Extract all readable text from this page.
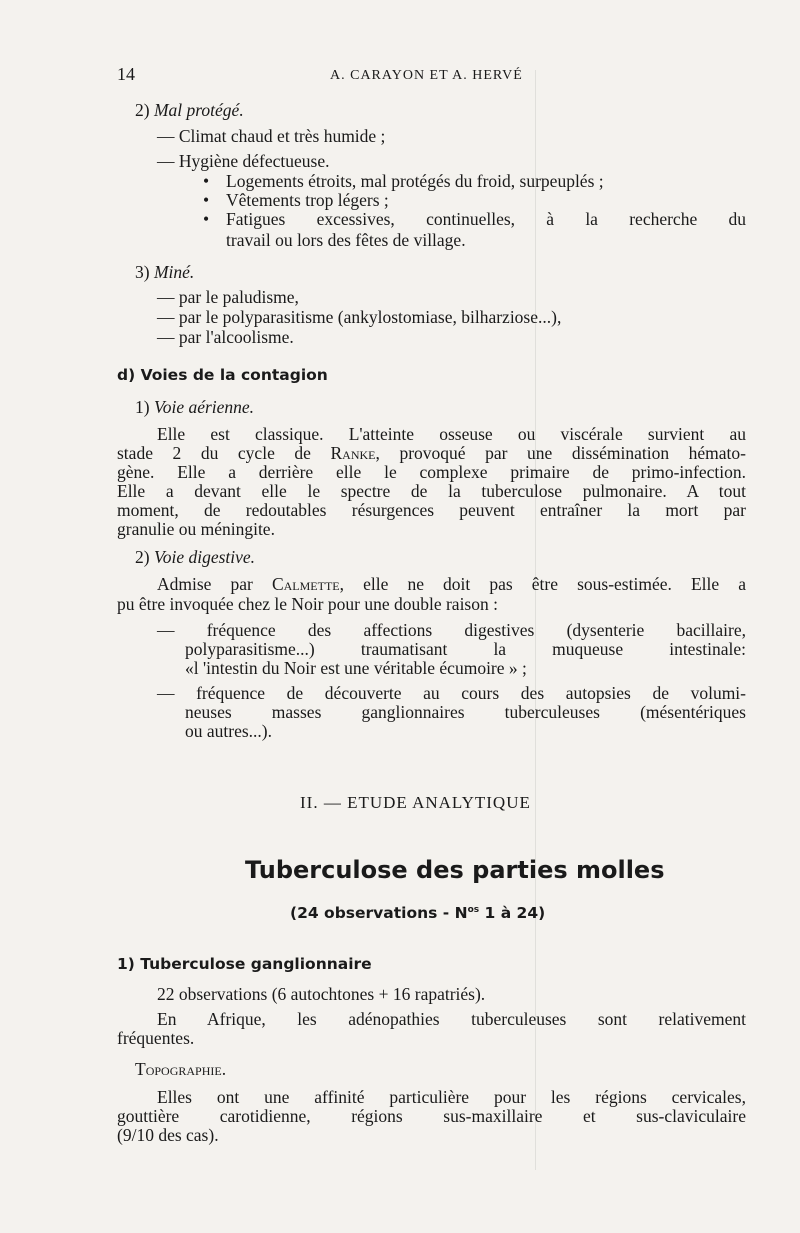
14	A. CARAYON ET A. HERVÉ
2) Mal protégé.
— Climat chaud et très humide ;
— Hygiène défectueuse.
• Logements étroits, mal protégés du froid, surpeuplés ;
• Vêtements trop légers ;
• Fatigues excessives, continuelles, à la recherche du
travail ou lors des fêtes de village.
3) Miné.
— par le paludisme,
— par le polyparasitisme (ankylostomiase, bilharziose...),
— par l'alcoolisme.
d) Voies de la contagion
1) Voie aérienne.
Elle est classique. L'atteinte osseuse ou viscérale survient au
stade 2 du cycle de Ranke, provoqué par une dissémination hémato-
gène. Elle a derrière elle le complexe primaire de primo-infection.
Elle a devant elle le spectre de la tuberculose pulmonaire. A tout
moment, de redoutables résurgences peuvent entraîner la mort par
granulie ou méningite.
2) Voie digestive.
Admise par Calmette, elle ne doit pas être sous-estimée. Elle a
pu être invoquée chez le Noir pour une double raison :
— fréquence des affections digestives (dysenterie bacillaire,
polyparasitisme...) traumatisant la muqueuse intestinale:
«l 'intestin du Noir est une véritable écumoire » ;
— fréquence de découverte au cours des autopsies de volumi-
neuses masses ganglionnaires tuberculeuses (mésentériques
ou autres...).
II. — ETUDE ANALYTIQUE
Tuberculose des parties molles
(24 observations - $N^{os}$ 1 à 24)
1) Tuberculose ganglionnaire
22 observations (6 autochtones + 16 rapatriés).
En Afrique, les adénopathies tuberculeuses sont relativement
fréquentes.
Topographie.
Elles ont une affinité particulière pour les régions cervicales,
gouttière carotidienne, régions sus-maxillaire et sus-claviculaire
(9/10 des cas).
